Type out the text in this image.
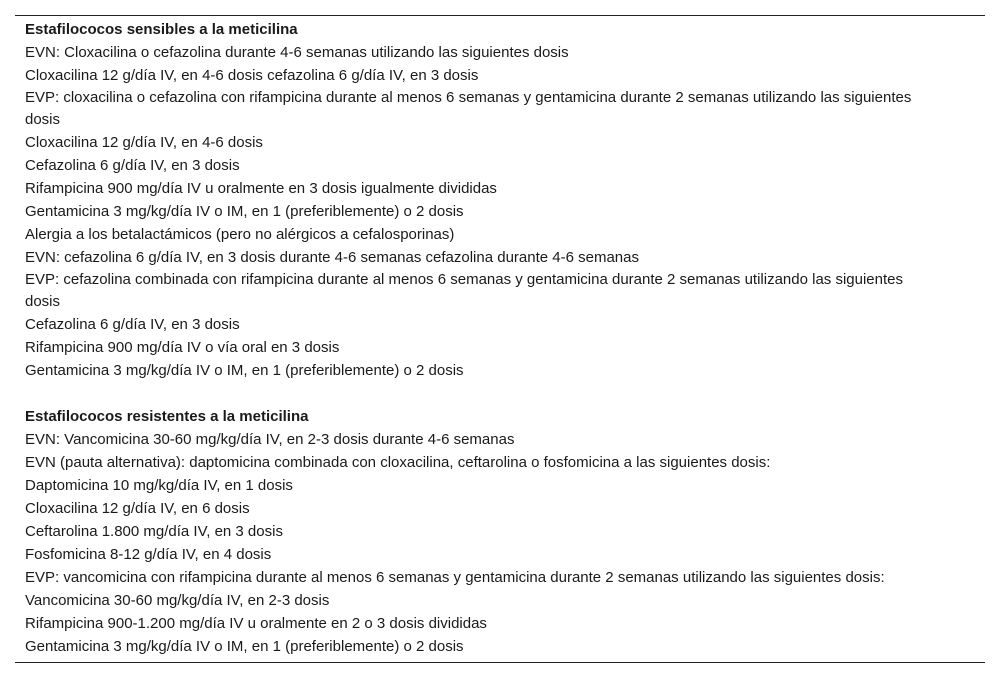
Estafilococos sensibles a la meticilina
EVN: Cloxacilina o cefazolina durante 4-6 semanas utilizando las siguientes dosis
Cloxacilina 12 g/día IV, en 4-6 dosis cefazolina 6 g/día IV, en 3 dosis
EVP: cloxacilina o cefazolina con rifampicina durante al menos 6 semanas y gentamicina durante 2 semanas utilizando las siguientes dosis
Cloxacilina 12 g/día IV, en 4-6 dosis
Cefazolina 6 g/día IV, en 3 dosis
Rifampicina 900 mg/día IV u oralmente en 3 dosis igualmente divididas
Gentamicina 3 mg/kg/día IV o IM, en 1 (preferiblemente) o 2 dosis
Alergia a los betalactámicos (pero no alérgicos a cefalosporinas)
EVN: cefazolina 6 g/día IV, en 3 dosis durante 4-6 semanas cefazolina durante 4-6 semanas
EVP: cefazolina combinada con rifampicina durante al menos 6 semanas y gentamicina durante 2 semanas utilizando las siguientes dosis
Cefazolina 6 g/día IV, en 3 dosis
Rifampicina 900 mg/día IV o vía oral en 3 dosis
Gentamicina 3 mg/kg/día IV o IM, en 1 (preferiblemente) o 2 dosis
Estafilococos resistentes a la meticilina
EVN: Vancomicina 30-60 mg/kg/día IV, en 2-3 dosis durante 4-6 semanas
EVN (pauta alternativa): daptomicina combinada con cloxacilina, ceftarolina o fosfomicina a las siguientes dosis:
Daptomicina 10 mg/kg/día IV, en 1 dosis
Cloxacilina 12 g/día IV, en 6 dosis
Ceftarolina 1.800 mg/día IV, en 3 dosis
Fosfomicina 8-12 g/día IV, en 4 dosis
EVP: vancomicina con rifampicina durante al menos 6 semanas y gentamicina durante 2 semanas utilizando las siguientes dosis:
Vancomicina 30-60 mg/kg/día IV, en 2-3 dosis
Rifampicina 900-1.200 mg/día IV u oralmente en 2 o 3 dosis divididas
Gentamicina 3 mg/kg/día IV o IM, en 1 (preferiblemente) o 2 dosis
